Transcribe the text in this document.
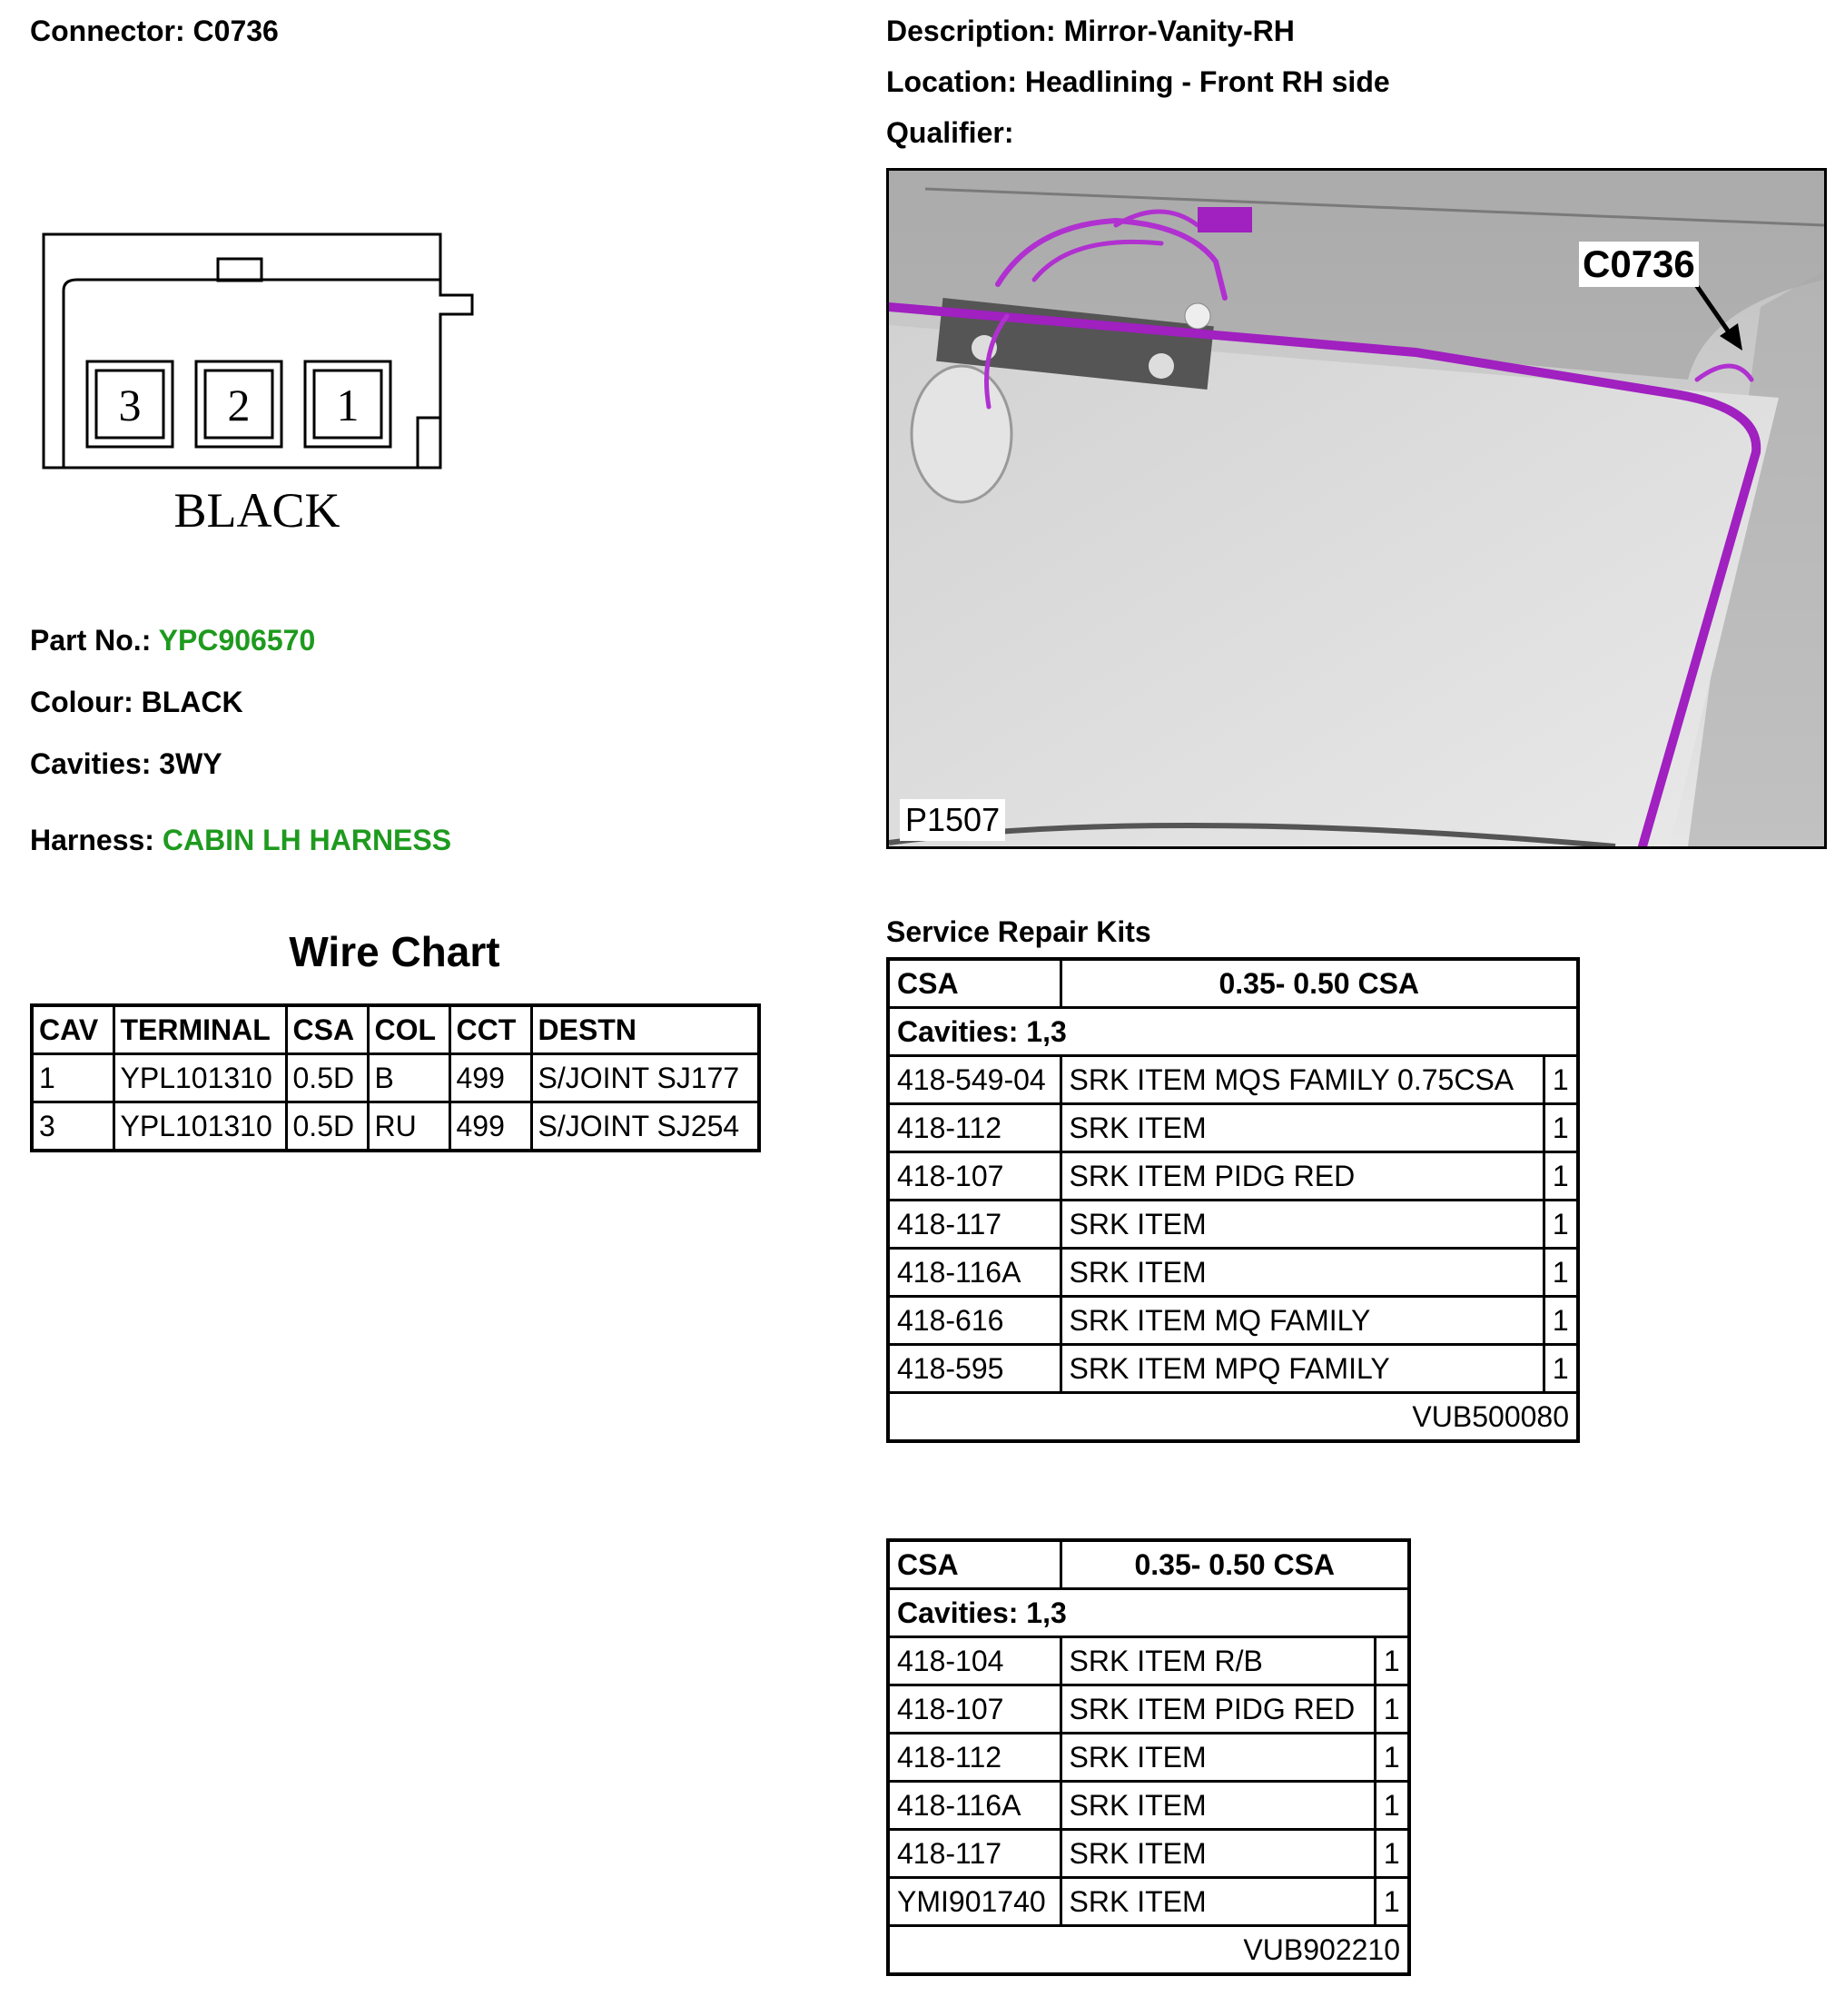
Connector: C0736	Description: Mirror-Vanity-RH
Location: Headlining - Front RH side
Qualifier:
3 2 1
BLACK
Part No.: YPC906570
Colour: BLACK
Cavities: 3WY
Harness: CABIN LH HARNESS
Wire Chart
CAV	TERMINAL	CSA	COL	CCT	DESTN
1	YPL101310	0.5D	B	499	S/JOINT SJ177
3	YPL101310	0.5D	RU	499	S/JOINT SJ254
C0736
P1507
Service Repair Kits
CSA	0.35- 0.50 CSA	
Cavities: 1,3		
418-549-04	SRK ITEM MQS FAMILY 0.75CSA	1
418-112	SRK ITEM	1
418-107	SRK ITEM PIDG RED	1
418-117	SRK ITEM	1
418-116A	SRK ITEM	1
418-616	SRK ITEM MQ FAMILY	1
418-595	SRK ITEM MPQ FAMILY	1
VUB500080		
CSA	0.35- 0.50 CSA	
Cavities: 1,3		
418-104	SRK ITEM R/B	1
418-107	SRK ITEM PIDG RED	1
418-112	SRK ITEM	1
418-116A	SRK ITEM	1
418-117	SRK ITEM	1
YMI901740	SRK ITEM	1
VUB902210		
